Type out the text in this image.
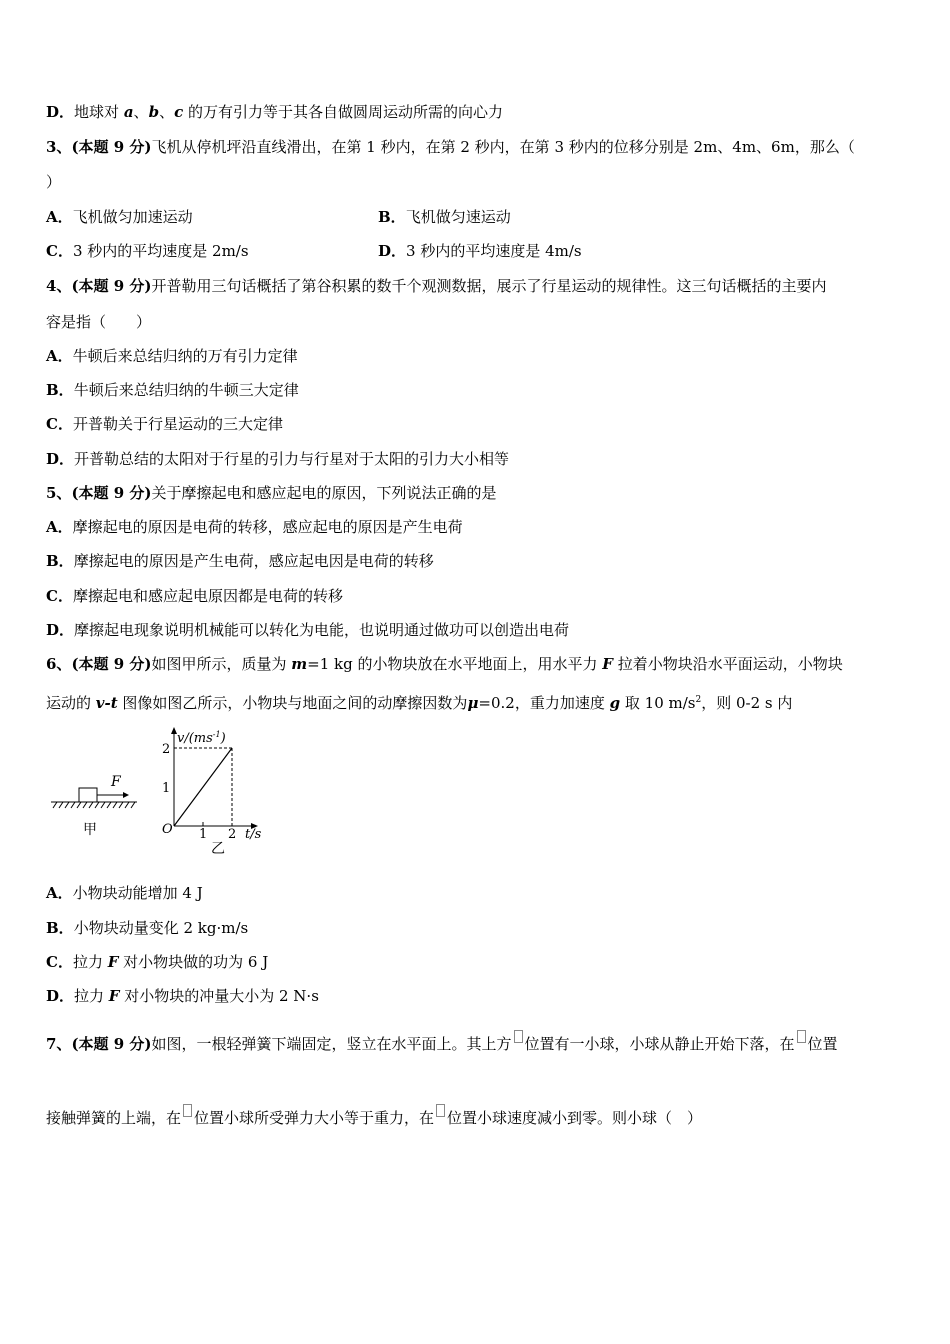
D．地球对 a、b、c 的万有引力等于其各自做圆周运动所需的向心力
3、(本题 9 分)飞机从停机坪沿直线滑出，在第 1 秒内，在第 2 秒内，在第 3 秒内的位移分别是 2m、4m、6m，那么（
）
A．飞机做匀加速运动	B．飞机做匀速运动
C．3 秒内的平均速度是 2m/s	D．3 秒内的平均速度是 4m/s
4、(本题 9 分)开普勒用三句话概括了第谷积累的数千个观测数据，展示了行星运动的规律性。这三句话概括的主要内
容是指（　　）
A．牛顿后来总结归纳的万有引力定律
B．牛顿后来总结归纳的牛顿三大定律
C．开普勒关于行星运动的三大定律
D．开普勒总结的太阳对于行星的引力与行星对于太阳的引力大小相等
5、(本题 9 分)关于摩擦起电和感应起电的原因，下列说法正确的是
A．摩擦起电的原因是电荷的转移，感应起电的原因是产生电荷
B．摩擦起电的原因是产生电荷，感应起电因是电荷的转移
C．摩擦起电和感应起电原因都是电荷的转移
D．摩擦起电现象说明机械能可以转化为电能，也说明通过做功可以创造出电荷
6、(本题 9 分)如图甲所示，质量为 m=1 kg 的小物块放在水平地面上，用水平力 F 拉着小物块沿水平面运动，小物块
运动的 v-t 图像如图乙所示，小物块与地面之间的动摩擦因数为μ=0.2，重力加速度 g 取 10 $m/s^2$，则 0-2 s 内
F
甲
$v/(ms^{-1})$
2
1
O 1 2 t/s
乙
A．小物块动能增加 4 J
B．小物块动量变化 2 kg·m/s
C．拉力 F 对小物块做的功为 6 J
D．拉力 F 对小物块的冲量大小为 2 N·s
7、(本题 9 分)如图，一根轻弹簧下端固定，竖立在水平面上。其上方 位置有一小球，小球从静止开始下落，在 位置
接触弹簧的上端，在 位置小球所受弹力大小等于重力，在 位置小球速度减小到零。则小球（　）
